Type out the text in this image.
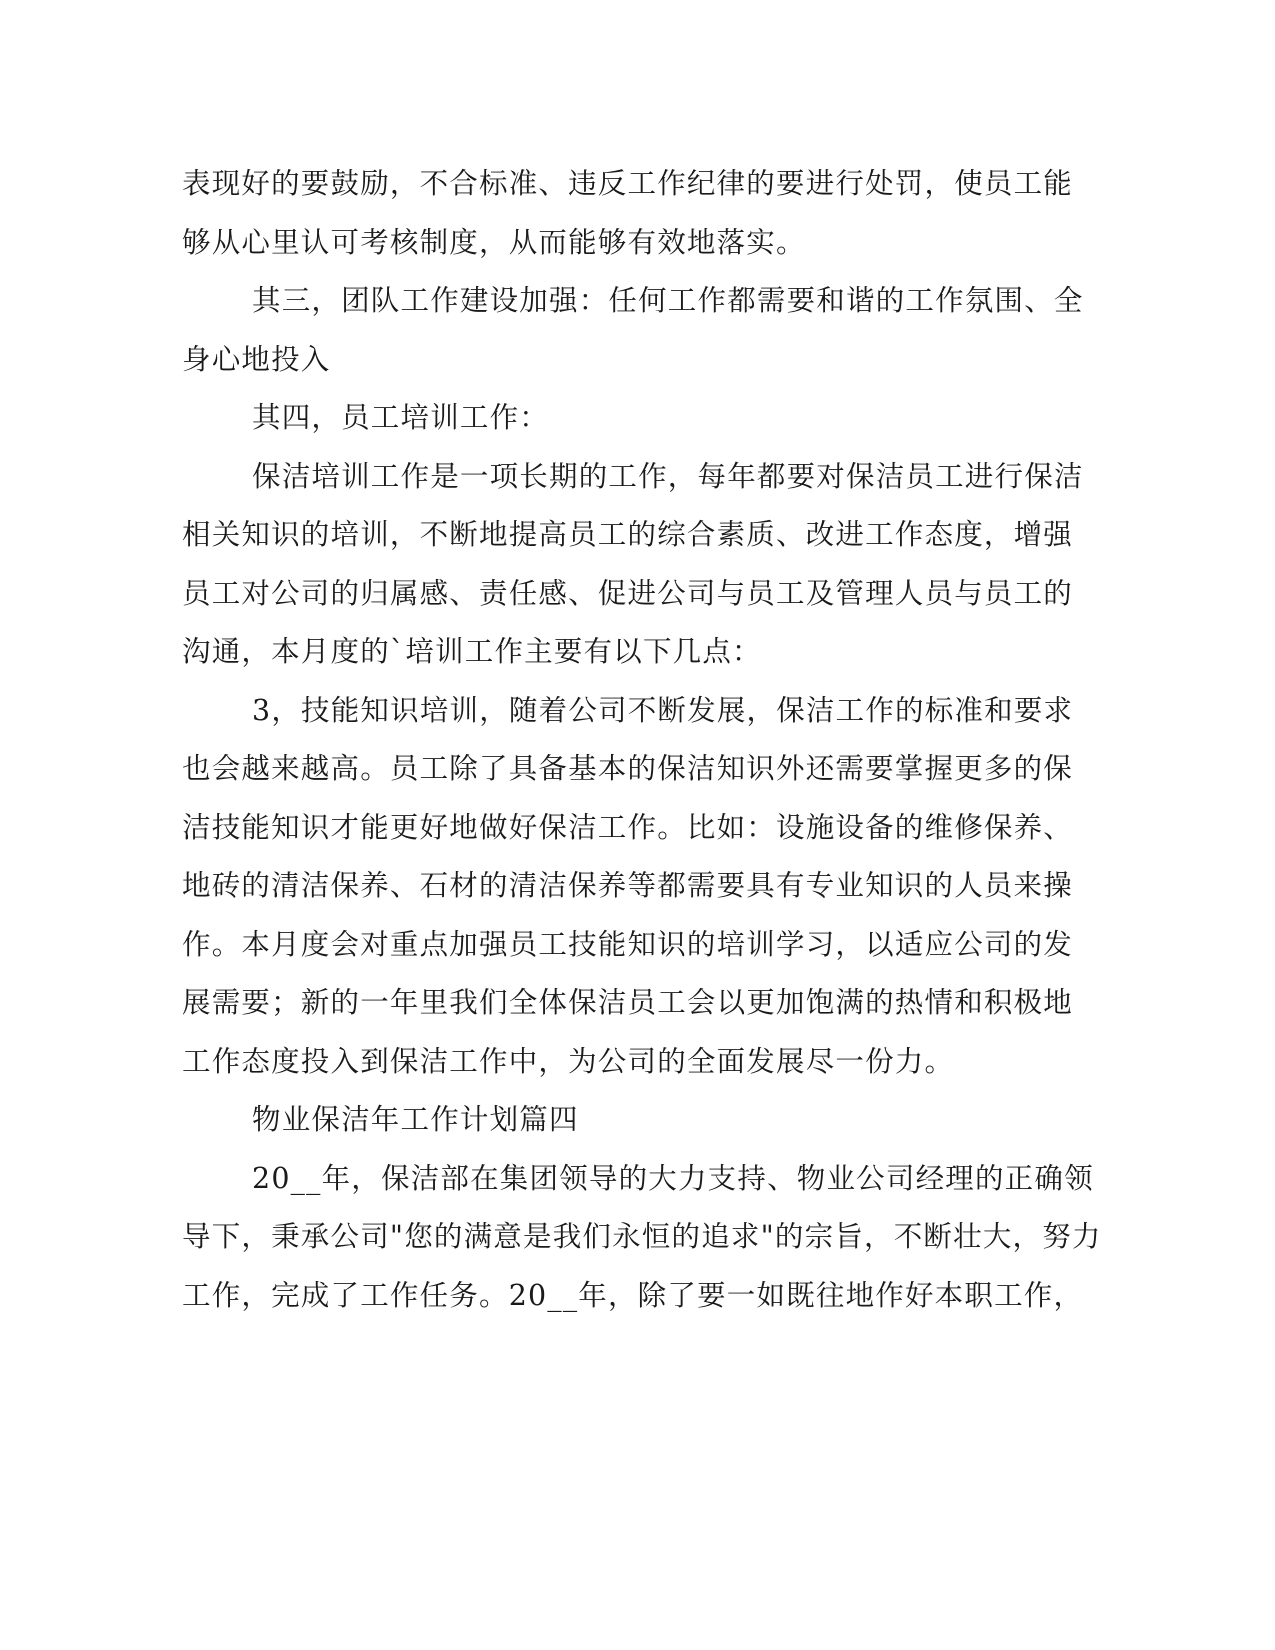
表现好的要鼓励，不合标准、违反工作纪律的要进行处罚，使员工能
够从心里认可考核制度，从而能够有效地落实。
其三，团队工作建设加强：任何工作都需要和谐的工作氛围、全
身心地投入
其四，员工培训工作：
保洁培训工作是一项长期的工作，每年都要对保洁员工进行保洁
相关知识的培训，不断地提高员工的综合素质、改进工作态度，增强
员工对公司的归属感、责任感、促进公司与员工及管理人员与员工的
沟通，本月度的`培训工作主要有以下几点：
3，技能知识培训，随着公司不断发展，保洁工作的标准和要求
也会越来越高。员工除了具备基本的保洁知识外还需要掌握更多的保
洁技能知识才能更好地做好保洁工作。比如：设施设备的维修保养、
地砖的清洁保养、石材的清洁保养等都需要具有专业知识的人员来操
作。本月度会对重点加强员工技能知识的培训学习，以适应公司的发
展需要；新的一年里我们全体保洁员工会以更加饱满的热情和积极地
工作态度投入到保洁工作中，为公司的全面发展尽一份力。
物业保洁年工作计划篇四
20__年，保洁部在集团领导的大力支持、物业公司经理的正确领
导下，秉承公司"您的满意是我们永恒的追求"的宗旨，不断壮大，努力
工作，完成了工作任务。20__年，除了要一如既往地作好本职工作，
